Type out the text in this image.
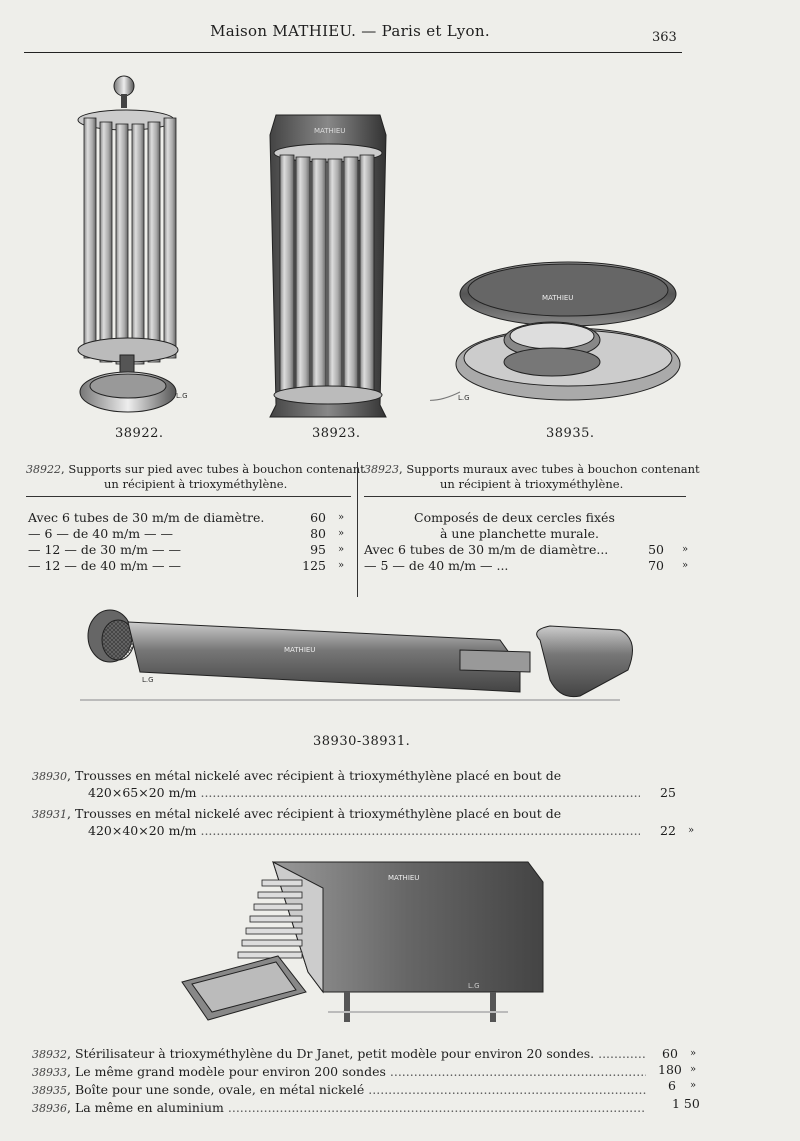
Maison MATHIEU. — Paris et Lyon.	363
L.G
38922.
MATHIEU
38923.
MATHIEU
L.G
38935.
38922, Supports sur pied avec tubes à bouchon contenant
un récipient à trioxyméthylène.
Avec 6 tubes de 30 m/m de diamètre.	60 »
— 6 — de 40 m/m — —	80 »
— 12 — de 30 m/m — —	95 »
— 12 — de 40 m/m — —	125 »
38923, Supports muraux avec tubes à bouchon contenant
un récipient à trioxyméthylène.
Composés de deux cercles fixés
à une planchette murale.
Avec 6 tubes de 30 m/m de diamètre...	50 »
— 5 — de 40 m/m — ...	70 »
MATHIEU
L.G
38930-38931.
38930, Trousses en métal nickelé avec récipient à trioxyméthylène placé en bout de
420×65×20 m/m .....	25
38931, Trousses en métal nickelé avec récipient à trioxyméthylène placé en bout de
420×40×20 m/m .....	22 »
MATHIEU
L.G
38932, Stérilisateur à trioxyméthylène du Dr Janet, petit modèle pour environ 20 sondes. .....	60 »
38933, Le même grand modèle pour environ 200 sondes .....	180 »
38935, Boîte pour une sonde, ovale, en métal nickelé .....	6 »
38936, La même en aluminium .....	1 50
